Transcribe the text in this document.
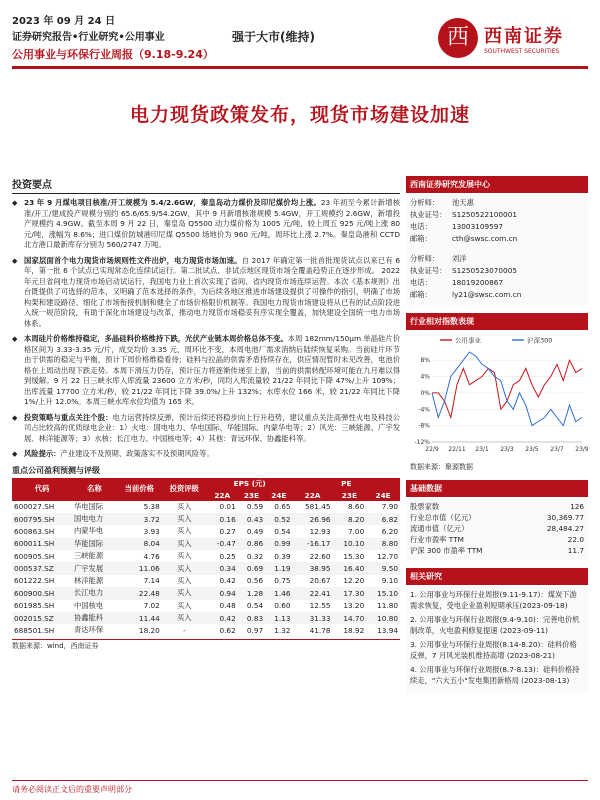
2023 年 09 月 24 日
证券研究报告•行业研究•公用事业	强于大市(维持)
公用事业与环保行业周报（9.18-9.24）
西 西南证券
SOUTHWEST SECURITIES
电力现货政策发布，现货市场建设加速
投资要点
◆ 23 年 9 月煤电项目核准/开工规模为 5.4/2.6GW，秦皇岛动力煤价及印尼煤价均上涨。23 年初至今累计新增核准/开工/建成投产规模分别约 65.6/65.9/54.2GW，其中 9 月新增核准规模 5.4GW，开工规模约 2.6GW，新增投产规模约 4.9GW。截至本周 9 月 22 日，秦皇岛 Q5500 动力煤价格为 1005 元/吨，较上周五 925 元/吨上涨 80 元/吨，涨幅为 8.6%；进口煤价防城港印尼煤 Q5500 场地价为 960 元/吨，周环比上涨 2.7%。秦皇岛港和 CCTD 北方港口最新库存分别为 560/2747 万吨。
◆ 国家层面首个电力现货市场规则性文件出炉，电力现货市场加速。自 2017 年确定第一批首批现货试点以来已有 6 年，第一批 6 个试点已实现常态化连续试运行。第二批试点、非试点地区现货市场全覆盖趋势正在逐步形成。 2022 年元旦省间电力现货市场启动试运行，我国电力业上首次实现了省间、省内现货市场连续运营。本次《基本规则》出台既提供了可选择的范本，又明确了范本选择的条件，为后续各地区推进市场建设提供了可操作的指引，明确了市场构架和建设路径、细化了市场衔接机制和健全了市场价格限价机制等。我国电力现货市场建设将从已有的试点阶段进入统一规范阶段，有助于深化市场建设与改革，推动电力现货市场稳妥有序实现全覆盖，加快建设全国统一电力市场体系。
◆ 本周硅片价格维持稳定，多晶硅料价格维持下跌，光伏产业链本周价格总体不变。本周 182mm/150μm 单晶硅片价格区间为 3.33-3.35 元/片，成交均价 3.35 元，周环比不变，本周电池厂需求消纳后陆续恢复采购。当前硅片环节由于供需的稳定与平衡，预计下周价格维稳看待；硅料与拉晶的供需矛盾持续存在，供应情况暂时未见改善，电池价格在上周动出现下跌走势。本周下滑压力仍存，预计压力将逐渐传递至上游，当前的供需转配环境可能在九月难以得到缓解。9 月 22 日三峡水库入库流量 23600 立方米/秒，同均入库流量较 21/22 年同比下降 47%/上升 109%；出库流量 17700 立方米/秒，较 21/22 年同比下降 39.0%/上升 132%；水库水位 166 米，较 21/22 年同比下降 1%/上升 12.0%。本周三峡水库水位均值为 165 米。
◆ 投资策略与重点关注个股：电力运营持续反弹，预计后续还将稳步向上行升趋势，建议重点关注高弹性火电及科技公司占比较高的优质绿电企业：1）火电：国电电力、华电国际、华能国际、内蒙华电等；2）风光：三峡能源、广宇发展、林洋能源等；3）水核：长江电力、中国核电等；4）其他：青远环保、协鑫能科等。
◆ 风险提示：产业建设不及预期、政策落实不及预期风险等。
重点公司盈利预测与评级
代码	名称	当前价格	投资评级	EPS (元)			PE		
				22A	23E	24E	22A	23E	24E
600027.SH	华电国际	5.38	买入	0.01	0.59	0.65	581.45	8.60	7.90
600795.SH	国电电力	3.72	买入	0.16	0.43	0.52	26.96	8.20	6.82
600863.SH	内蒙华电	3.93	买入	0.27	0.49	0.54	12.93	7.00	6.20
600011.SH	华能国际	8.04	买入	-0.47	0.86	0.99	-16.17	10.10	8.80
600905.SH	三峡能源	4.76	买入	0.25	0.32	0.39	22.60	15.30	12.70
000537.SZ	广宇发展	11.06	买入	0.34	0.69	1.19	38.95	16.40	9.50
601222.SH	林洋能源	7.14	买入	0.42	0.56	0.75	20.67	12.20	9.10
600900.SH	长江电力	22.48	买入	0.94	1.28	1.46	22.41	17.30	15.10
601985.SH	中国核电	7.02	买入	0.48	0.54	0.60	12.55	13.20	11.80
002015.SZ	协鑫能科	11.44	买入	0.42	0.83	1.13	31.33	14.70	10.80
688501.SH	青达环保	18.20	-	0.62	0.97	1.32	41.78	18.92	13.94
数据来源：wind，西南证券
西南证券研究发展中心
分析师： 池天惠
执业证号： S1250522100001
电话：	13003109597
邮箱：	cth@swsc.com.cn
分析师： 刘洋
执业证号： S1250523070005
电话：	18019200867
邮箱：	ly21@swsc.com.cn
行业相对指数表现
8%
4%
0%
-4%
-8%
-12%
22/9 22/11 23/1 23/3 23/5 23/7 23/9
公用事业	沪深300
数据来源：聚源数据
基础数据
股票家数	126
行业总市值（亿元）	30,369.77
流通市值（亿元）	28,484.27
行业市盈率 TTM	22.0
沪深 300 市盈率 TTM	11.7
相关研究
1. 公用事业与环保行业周报(9.11-9.17)：煤炭下游需求恢复，受电企业盈利短期承压(2023-09-18)
2. 公用事业与环保行业周报(9.4-9.10)：完善电价机制改革，火电盈利修复提速 (2023-09-11)
3. 公用事业与环保行业周报(8.14-8.20)：硅料价格反弹，7 月风光装机维持高增 (2023-08-21)
4. 公用事业与环保行业周报(8.7-8.13)：硅料价格持续走，"六大五小"发电集团新格局 (2023-08-13)
请务必阅读正文后的重要声明部分
